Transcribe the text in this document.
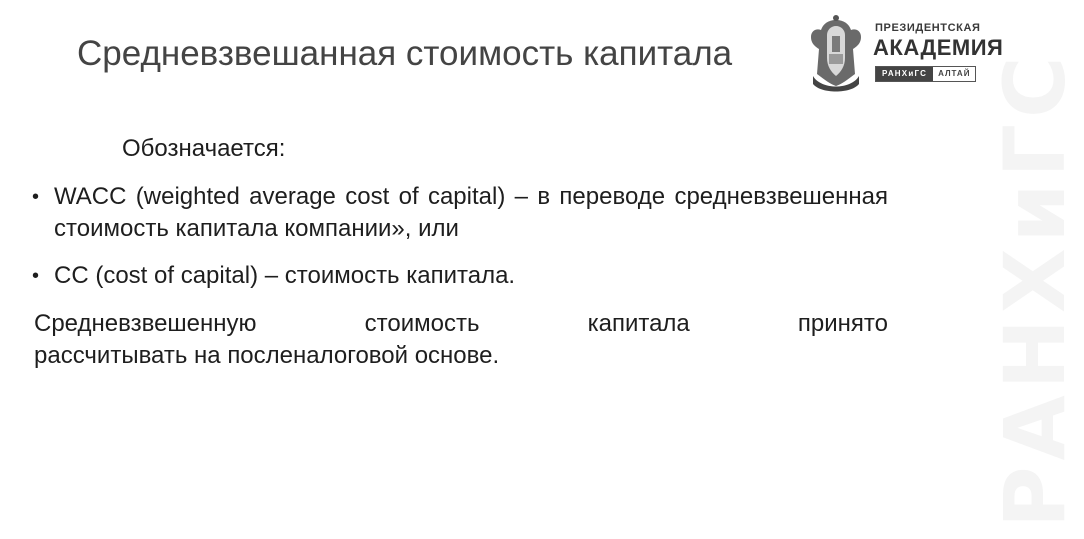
РАНХиГС
Средневзвешанная стоимость капитала
ПРЕЗИДЕНТСКАЯ
АКАДЕМИЯ
РАНХиГС	АЛТАЙ
Обозначается:
• WACC (weighted average cost of capital) – в переводе средневзвешенная стоимость капитала компании», или
• CC (cost of capital) – стоимость капитала.
Средневзвешенную	стоимость	капитала	принято
рассчитывать на посленалоговой основе.
